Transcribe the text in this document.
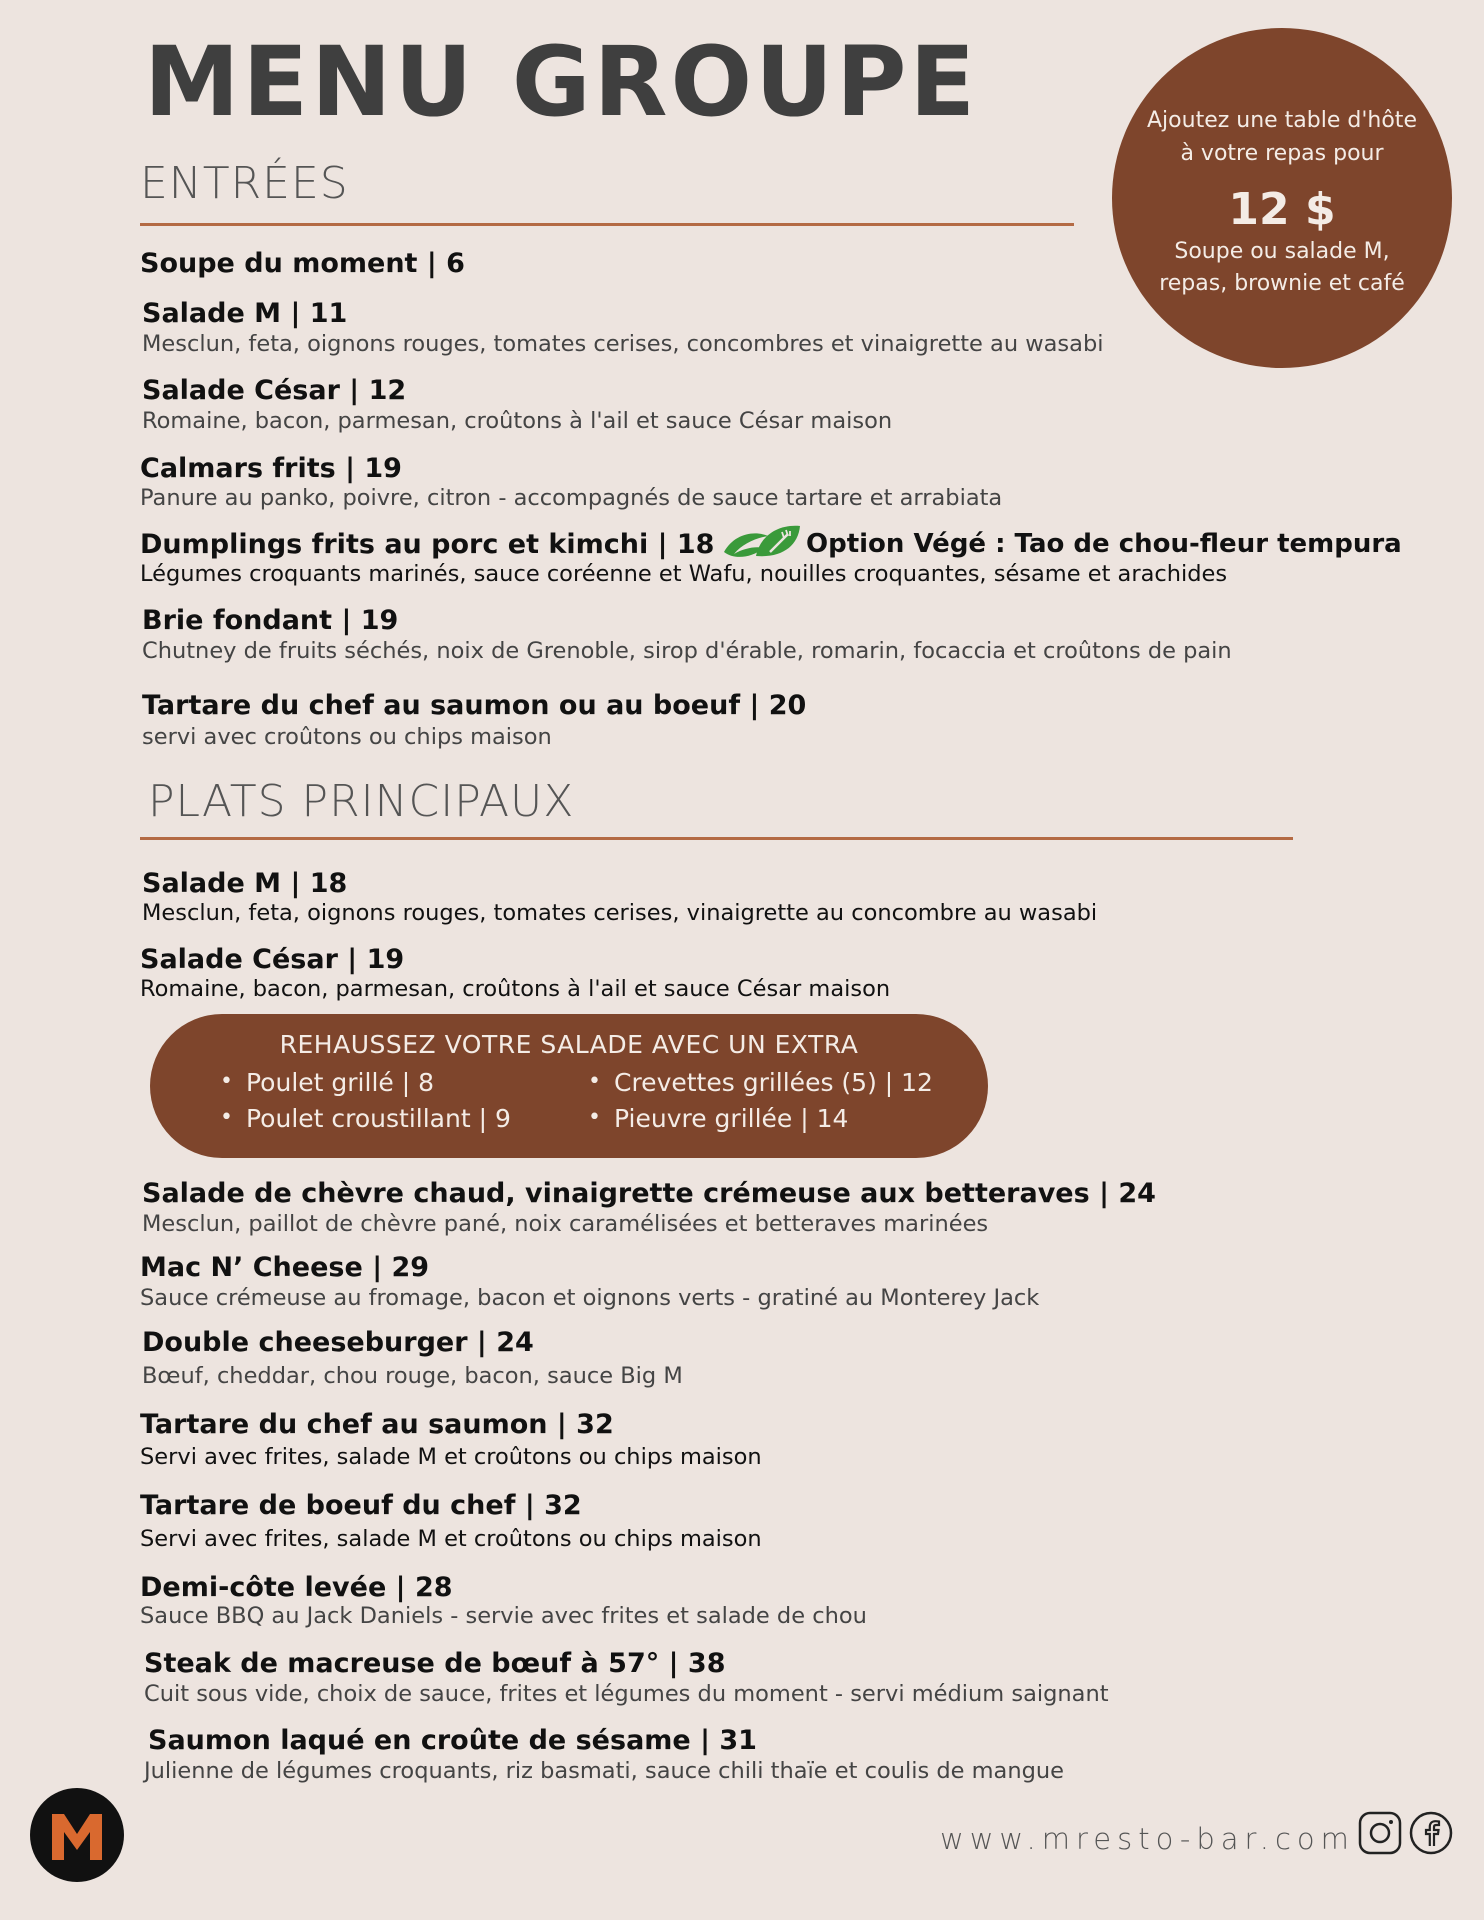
MENU GROUPE	Ajoutez une table d'hôte
à votre repas pour
12 $
Soupe ou salade M,
repas, brownie et café
ENTRÉES
Soupe du moment | 6
Salade M | 11
Mesclun, feta, oignons rouges, tomates cerises, concombres et vinaigrette au wasabi
Salade César | 12
Romaine, bacon, parmesan, croûtons à l'ail et sauce César maison
Calmars frits | 19
Panure au panko, poivre, citron - accompagnés de sauce tartare et arrabiata
Dumplings frits au porc et kimchi | 18
Légumes croquants marinés, sauce coréenne et Wafu, nouilles croquantes, sésame et arachides
Option Végé : Tao de chou-fleur tempura
Brie fondant | 19
Chutney de fruits séchés, noix de Grenoble, sirop d'érable, romarin, focaccia et croûtons de pain
Tartare du chef au saumon ou au boeuf | 20
servi avec croûtons ou chips maison
PLATS PRINCIPAUX
Salade M | 18
Mesclun, feta, oignons rouges, tomates cerises, vinaigrette au concombre au wasabi
Salade César | 19
Romaine, bacon, parmesan, croûtons à l'ail et sauce César maison
REHAUSSEZ VOTRE SALADE AVEC UN EXTRA
• Poulet grillé | 8
• Poulet croustillant | 9
• Crevettes grillées (5) | 12
• Pieuvre grillée | 14
Salade de chèvre chaud, vinaigrette crémeuse aux betteraves | 24
Mesclun, paillot de chèvre pané, noix caramélisées et betteraves marinées
Mac N’ Cheese | 29
Sauce crémeuse au fromage, bacon et oignons verts - gratiné au Monterey Jack
Double cheeseburger | 24
Bœuf, cheddar, chou rouge, bacon, sauce Big M
Tartare du chef au saumon | 32
Servi avec frites, salade M et croûtons ou chips maison
Tartare de boeuf du chef | 32
Servi avec frites, salade M et croûtons ou chips maison
Demi-côte levée | 28
Sauce BBQ au Jack Daniels - servie avec frites et salade de chou
Steak de macreuse de bœuf à 57° | 38
Cuit sous vide, choix de sauce, frites et légumes du moment - servi médium saignant
Saumon laqué en croûte de sésame | 31
Julienne de légumes croquants, riz basmati, sauce chili thaïe et coulis de mangue
www.mresto-bar.com
